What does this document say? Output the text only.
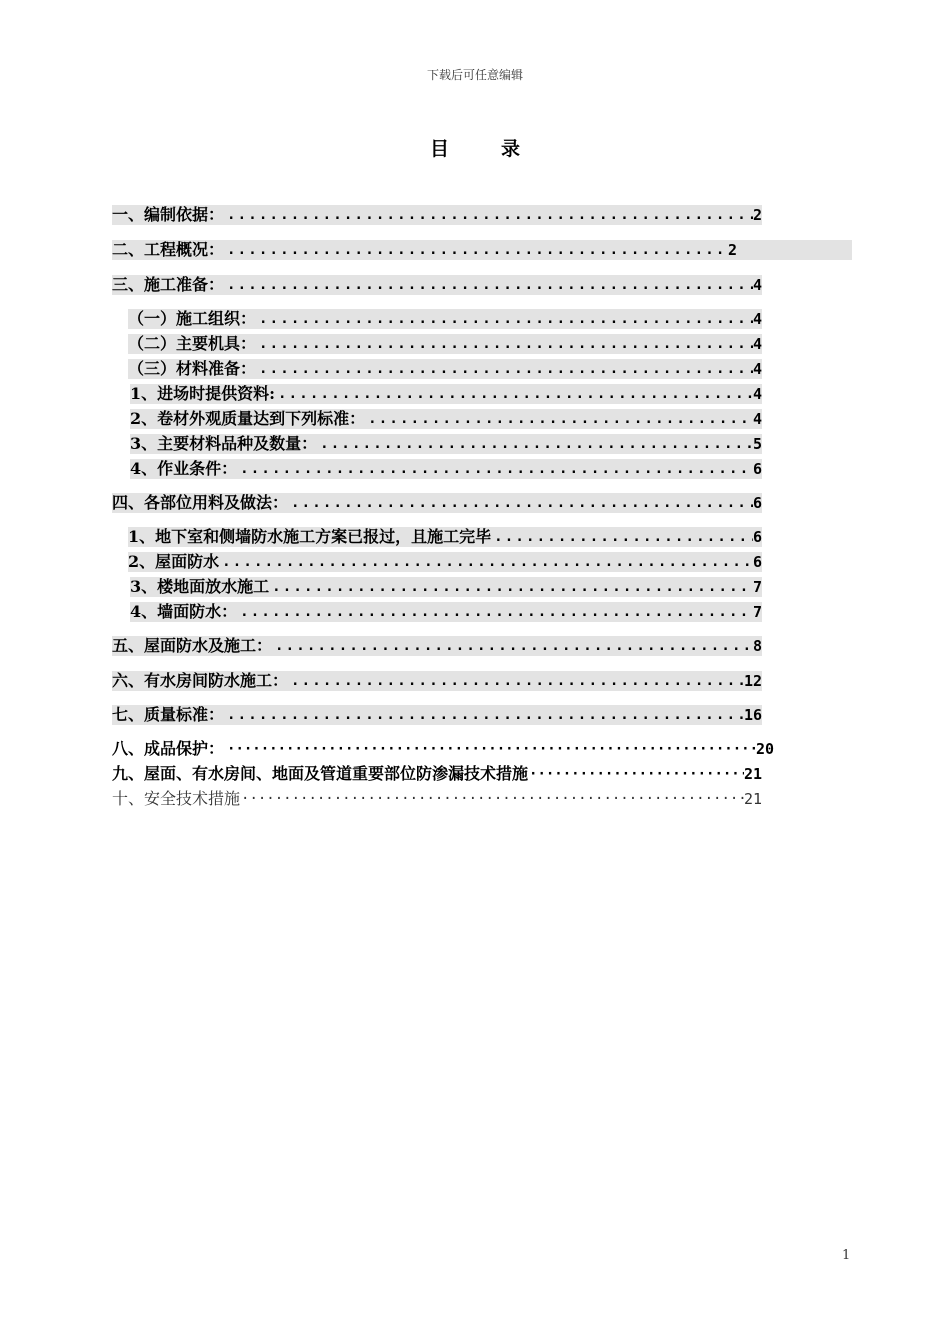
下载后可任意编辑
目	录
一、编制依据： .....	2
二、工程概况： .....	2
三、施工准备： .....	4
（一）施工组织： .....	4
（二）主要机具： .....	4
（三）材料准备： .....	4
1、进场时提供资料: .....	4
2、卷材外观质量达到下列标准： .....	4
3、主要材料品种及数量： .....	5
4、作业条件： .....	6
四、各部位用料及做法： .....	6
1、地下室和侧墙防水施工方案已报过，且施工完毕 .....	6
2、屋面防水 .....	6
3、楼地面放水施工 .....	7
4、墙面防水： .....	7
五、屋面防水及施工： .....	8
六、有水房间防水施工： .....	12
七、质量标准： .....	16
八、成品保护： ·····	20
九、屋面、有水房间、地面及管道重要部位防渗漏技术措施 ·····	21
十、安全技术措施 ·····	21
1
